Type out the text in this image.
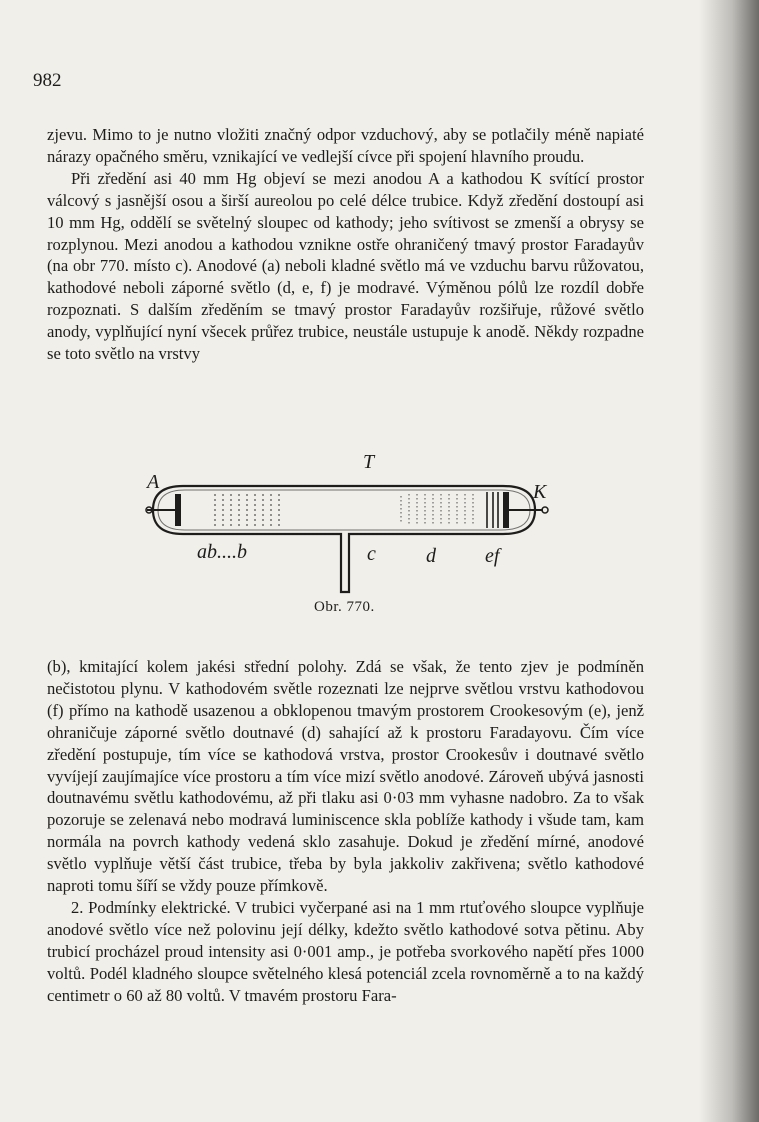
982

zjevu. Mimo to je nutno vložiti značný odpor vzduchový, aby se potlačily méně napiaté nárazy opačného směru, vznikající ve vedlejší cívce při spojení hlavního proudu.

Při zředění asi 40 mm Hg objeví se mezi anodou A a kathodou K svítící prostor válcový s jasnější osou a širší aureolou po celé délce trubice. Když zředění dostoupí asi 10 mm Hg, oddělí se světelný sloupec od kathody; jeho svítivost se zmenší a obrysy se rozplynou. Mezi anodou a kathodou vznikne ostře ohraničený tmavý prostor Faradayův (na obr 770. místo c). Anodové (a) neboli kladné světlo má ve vzduchu barvu růžovatou, kathodové neboli záporné světlo (d, e, f) je modravé. Výměnou pólů lze rozdíl dobře rozpoznati. S dalším zředěním se tmavý prostor Faradayův rozšiřuje, růžové světlo anody, vyplňující nyní všecek průřez trubice, neustále ustupuje k anodě. Někdy rozpadne se toto světlo na vrstvy

T
A	K
ab....b	c	d ef
Obr. 770.

(b), kmitající kolem jakési střední polohy. Zdá se však, že tento zjev je podmíněn nečistotou plynu. V kathodovém světle rozeznati lze nejprve světlou vrstvu kathodovou (f) přímo na kathodě usazenou a obklopenou tmavým prostorem Crookesovým (e), jenž ohraničuje záporné světlo doutnavé (d) sahající až k prostoru Faradayovu. Čím více zředění postupuje, tím více se kathodová vrstva, prostor Crookesův i doutnavé světlo vyvíjejí zaujímajíce více prostoru a tím více mizí světlo anodové. Zároveň ubývá jasnosti doutnavému světlu kathodovému, až při tlaku asi 0·03 mm vyhasne nadobro. Za to však pozoruje se zelenavá nebo modravá luminiscence skla poblíže kathody i všude tam, kam normála na povrch kathody vedená sklo zasahuje. Dokud je zředění mírné, anodové světlo vyplňuje větší část trubice, třeba by byla jakkoliv zakřivena; světlo kathodové naproti tomu šíří se vždy pouze přímkově.

2. Podmínky elektrické. V trubici vyčerpané asi na 1 mm rtuťového sloupce vyplňuje anodové světlo více než polovinu její délky, kdežto světlo kathodové sotva pětinu. Aby trubicí procházel proud intensity asi 0·001 amp., je potřeba svorkového napětí přes 1000 voltů. Podél kladného sloupce světelného klesá potenciál zcela rovnoměrně a to na každý centimetr o 60 až 80 voltů. V tmavém prostoru Fara-
